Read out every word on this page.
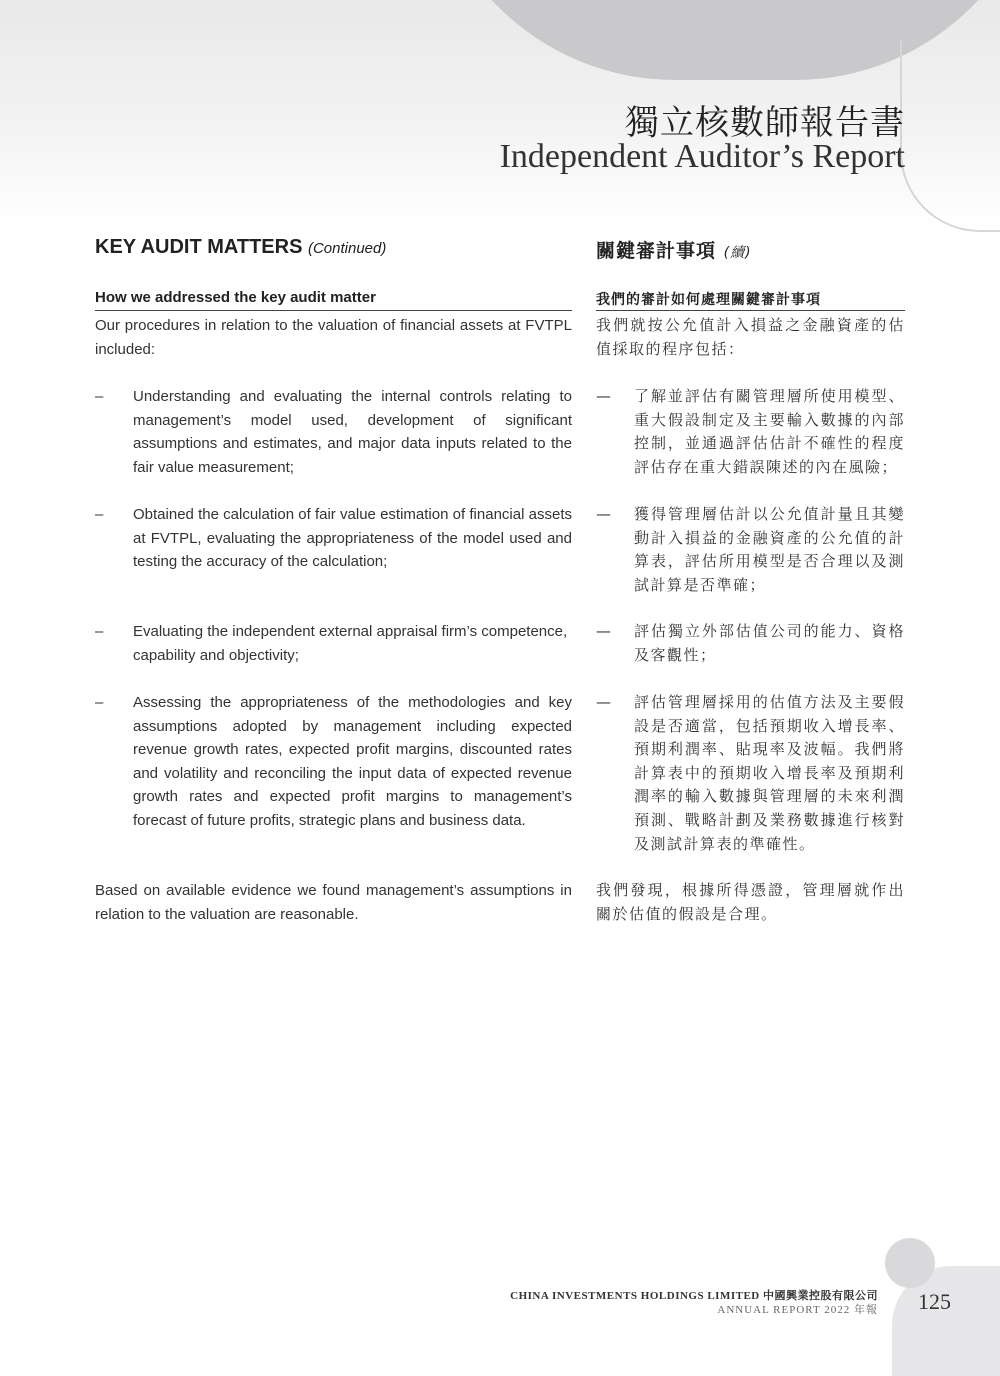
獨立核數師報告書
Independent Auditor’s Report
KEY AUDIT MATTERS (Continued)	關鍵審計事項 (續)
How we addressed the key audit matter	我們的審計如何處理關鍵審計事項
Our procedures in relation to the valuation of financial assets at FVTPL included:
–	Understanding and evaluating the internal controls relating to management’s model used, development of significant assumptions and estimates, and major data inputs related to the fair value measurement;
–	Obtained the calculation of fair value estimation of financial assets at FVTPL, evaluating the appropriateness of the model used and testing the accuracy of the calculation;
–	Evaluating the independent external appraisal firm’s competence, capability and objectivity;
–	Assessing the appropriateness of the methodologies and key assumptions adopted by management including expected revenue growth rates, expected profit margins, discounted rates and volatility and reconciling the input data of expected revenue growth rates and expected profit margins to management’s forecast of future profits, strategic plans and business data.
Based on available evidence we found management’s assumptions in relation to the valuation are reasonable.
我們就按公允值計入損益之金融資產的估值採取的程序包括：
—	了解並評估有關管理層所使用模型、重大假設制定及主要輸入數據的內部控制，並通過評估估計不確性的程度評估存在重大錯誤陳述的內在風險；
—	獲得管理層估計以公允值計量且其變動計入損益的金融資產的公允值的計算表，評估所用模型是否合理以及測試計算是否準確；
—	評估獨立外部估值公司的能力、資格及客觀性；
—	評估管理層採用的估值方法及主要假設是否適當，包括預期收入增長率、預期利潤率、貼現率及波幅。我們將計算表中的預期收入增長率及預期利潤率的輸入數據與管理層的未來利潤預測、戰略計劃及業務數據進行核對及測試計算表的準確性。
我們發現，根據所得憑證，管理層就作出關於估值的假設是合理。
CHINA INVESTMENTS HOLDINGS LIMITED 中國興業控股有限公司
ANNUAL REPORT 2022 年報 125
